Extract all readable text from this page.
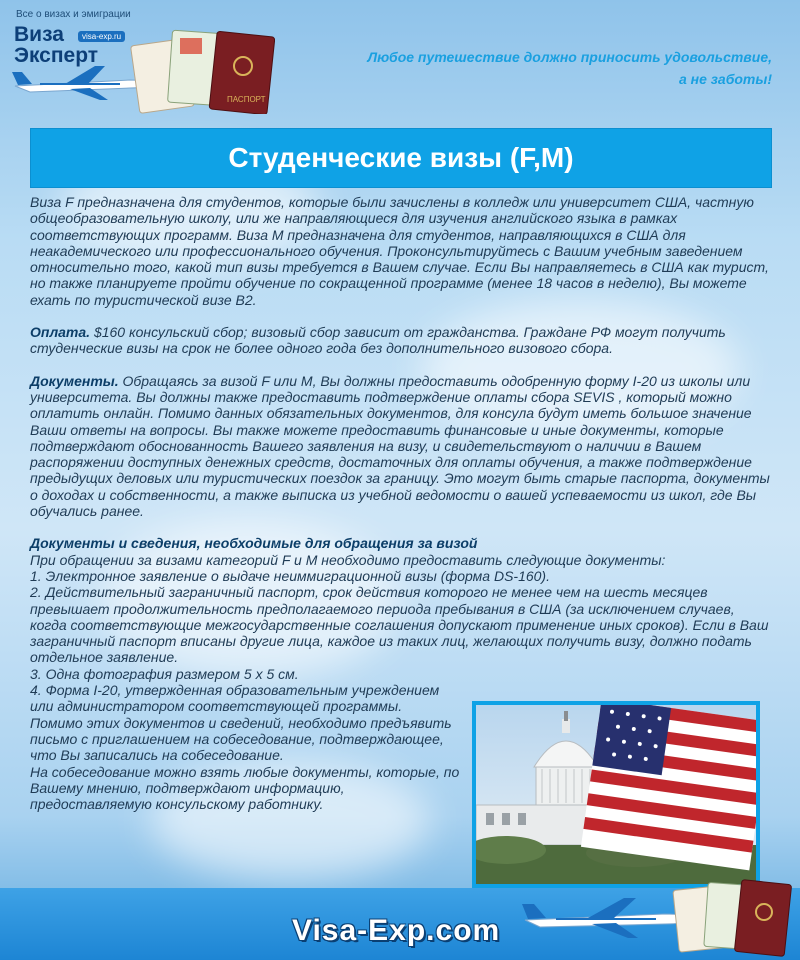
Все о визах и эмиграции
Виза
Эксперт
visa-exp.ru
ПАСПОРТ
Любое путешествие должно приносить удовольствие,
а не заботы!
Студенческие визы (F,M)

Виза F предназначена для студентов, которые были зачислены в колледж или университет США, частную общеобразовательную школу, или же направляющиеся для изучения английского языка в рамках соответствующих программ. Виза M предназначена для студентов, направляющихся в США для неакадемического или профессионального обучения. Проконсультируйтесь с Вашим учебным заведением относительно того, какой тип визы требуется в Вашем случае. Если Вы направляетесь в США как турист, но также планируете пройти обучение по сокращенной программе (менее 18 часов в неделю), Вы можете ехать по туристической визе B2.

Оплата. $160 консульский сбор; визовый сбор зависит от гражданства. Граждане РФ могут получить студенческие визы на срок не более одного года без дополнительного визового сбора.

Документы. Обращаясь за визой F или M, Вы должны предоставить одобренную форму I-20 из школы или университета. Вы должны также предоставить подтверждение оплаты сбора SEVIS , который можно оплатить онлайн. Помимо данных обязательных документов, для консула будут иметь большое значение Ваши ответы на вопросы. Вы также можете предоставить финансовые и иные документы, которые подтверждают обоснованность Вашего заявления на визу, и свидетельствуют о наличии в Вашем распоряжении доступных денежных средств, достаточных для оплаты обучения, а также подтверждение предыдущих деловых или туристических поездок за границу. Это могут быть старые паспорта, документы о доходах и собственности, а также выписка из учебной ведомости о вашей успеваемости из школ, где Вы обучались ранее.

Документы и сведения, необходимые для обращения за визой

При обращении за визами категорий F и M необходимо предоставить следующие документы:

1. Электронное заявление о выдаче неиммиграционной визы (форма DS-160).

2. Действительный заграничный паспорт, срок действия которого не менее чем на шесть месяцев превышает продолжительность предполагаемого периода пребывания в США (за исключением случаев, когда соответствующие межгосударственные соглашения допускают применение иных сроков). Если в Ваш заграничный паспорт вписаны другие лица, каждое из таких лиц, желающих получить визу, должно подать отдельное заявление.

3. Одна фотография размером 5 х 5 см.

4. Форма I-20, утвержденная образовательным учреждением или администратором соответствующей программы.

Помимо этих документов и сведений, необходимо предъявить письмо с приглашением на собеседование, подтверждающее, что Вы записались на собеседование.

На собеседование можно взять любые документы, которые, по Вашему мнению, подтверждают информацию, предоставляемую консульскому работнику.

Visa-Exp.com
